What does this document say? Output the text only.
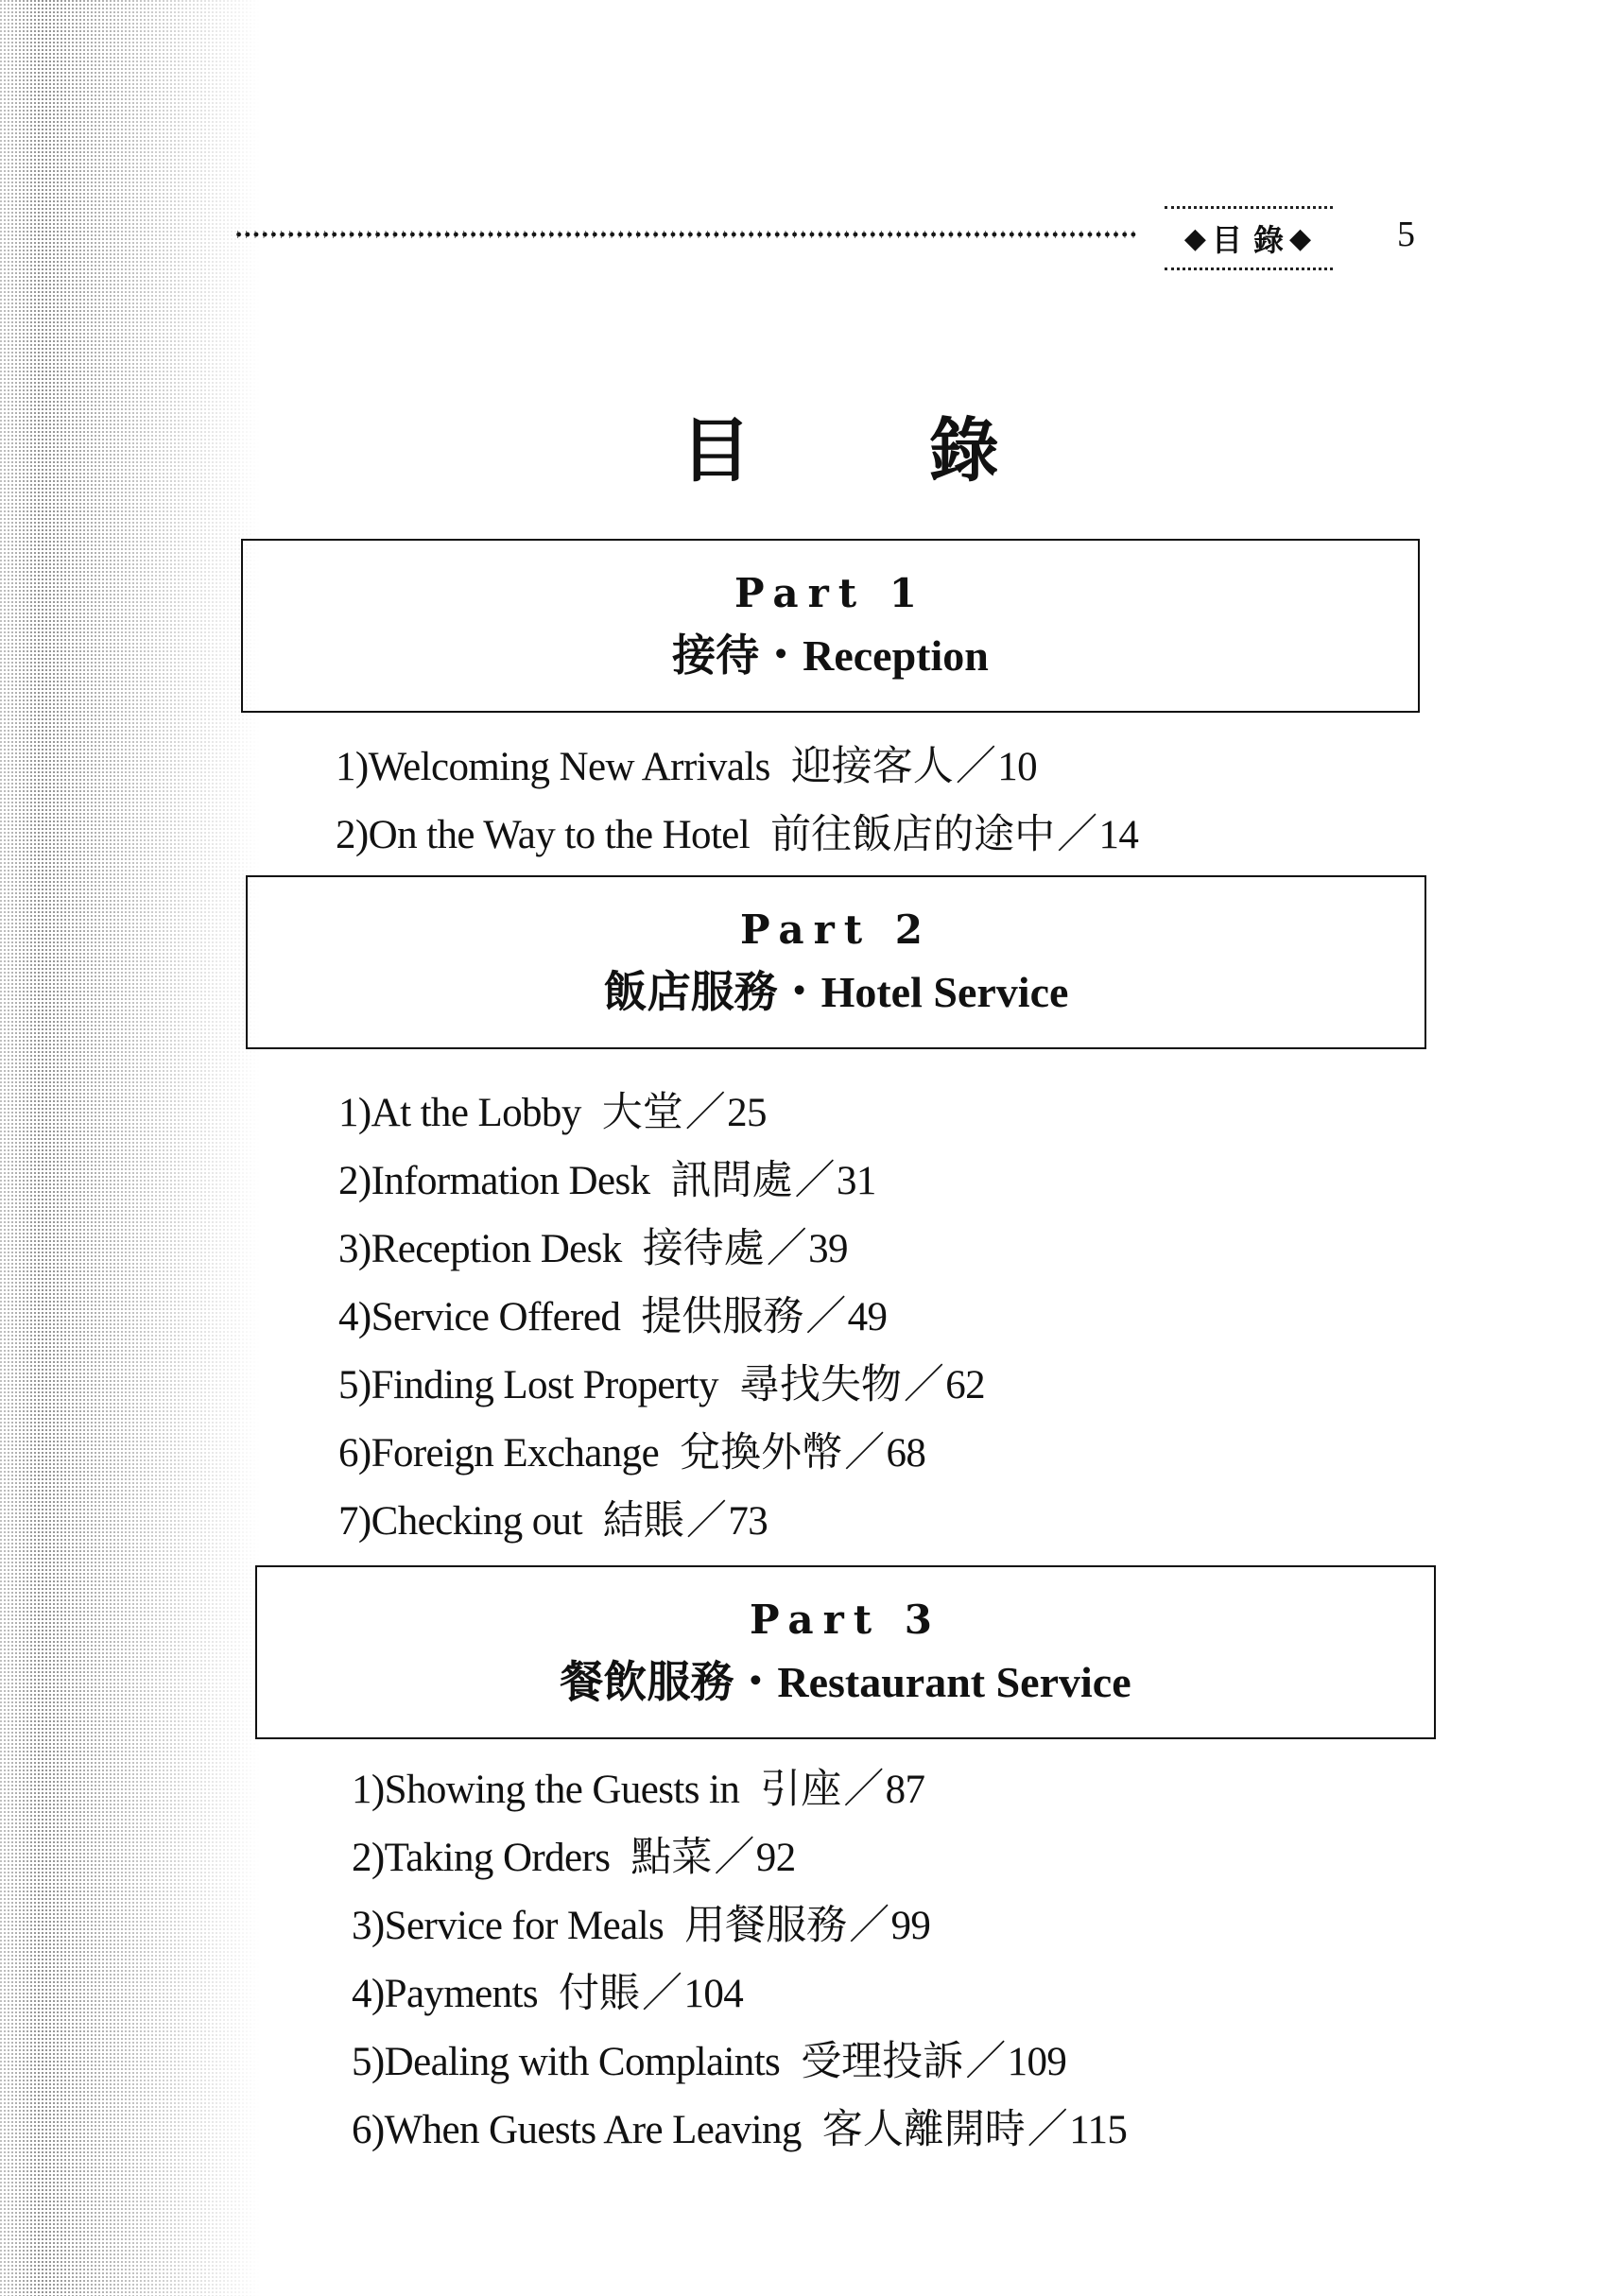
◆ 目 錄 ◆ 5
目 錄
Part 1
接待・Reception
1)Welcoming New Arrivals 迎接客人／10
2)On the Way to the Hotel 前往飯店的途中／14
Part 2
飯店服務・Hotel Service
1)At the Lobby 大堂／25
2)Information Desk 訊問處／31
3)Reception Desk 接待處／39
4)Service Offered 提供服務／49
5)Finding Lost Property 尋找失物／62
6)Foreign Exchange 兌換外幣／68
7)Checking out 結賬／73
Part 3
餐飲服務・Restaurant Service
1)Showing the Guests in 引座／87
2)Taking Orders 點菜／92
3)Service for Meals 用餐服務／99
4)Payments 付賬／104
5)Dealing with Complaints 受理投訴／109
6)When Guests Are Leaving 客人離開時／115
